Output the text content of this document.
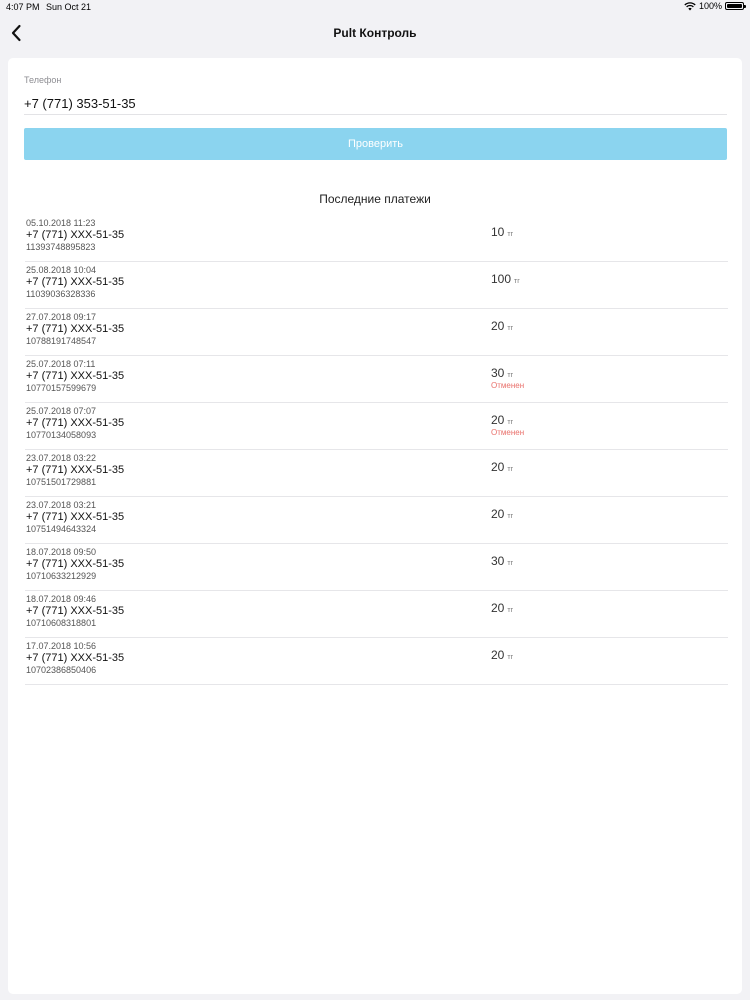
4:07 PM Sun Oct 21	100%
Pult Контроль
Телефон
+7 (771) 353-51-35
Проверить
Последние платежи
05.10.2018 11:23
+7 (771) XXX-51-35
11393748895823
10 тг
25.08.2018 10:04
+7 (771) XXX-51-35
11039036328336
100 тг
27.07.2018 09:17
+7 (771) XXX-51-35
10788191748547
20 тг
25.07.2018 07:11
+7 (771) XXX-51-35
10770157599679
30 тг
Отменен
25.07.2018 07:07
+7 (771) XXX-51-35
10770134058093
20 тг
Отменен
23.07.2018 03:22
+7 (771) XXX-51-35
10751501729881
20 тг
23.07.2018 03:21
+7 (771) XXX-51-35
10751494643324
20 тг
18.07.2018 09:50
+7 (771) XXX-51-35
10710633212929
30 тг
18.07.2018 09:46
+7 (771) XXX-51-35
10710608318801
20 тг
17.07.2018 10:56
+7 (771) XXX-51-35
10702386850406
20 тг
